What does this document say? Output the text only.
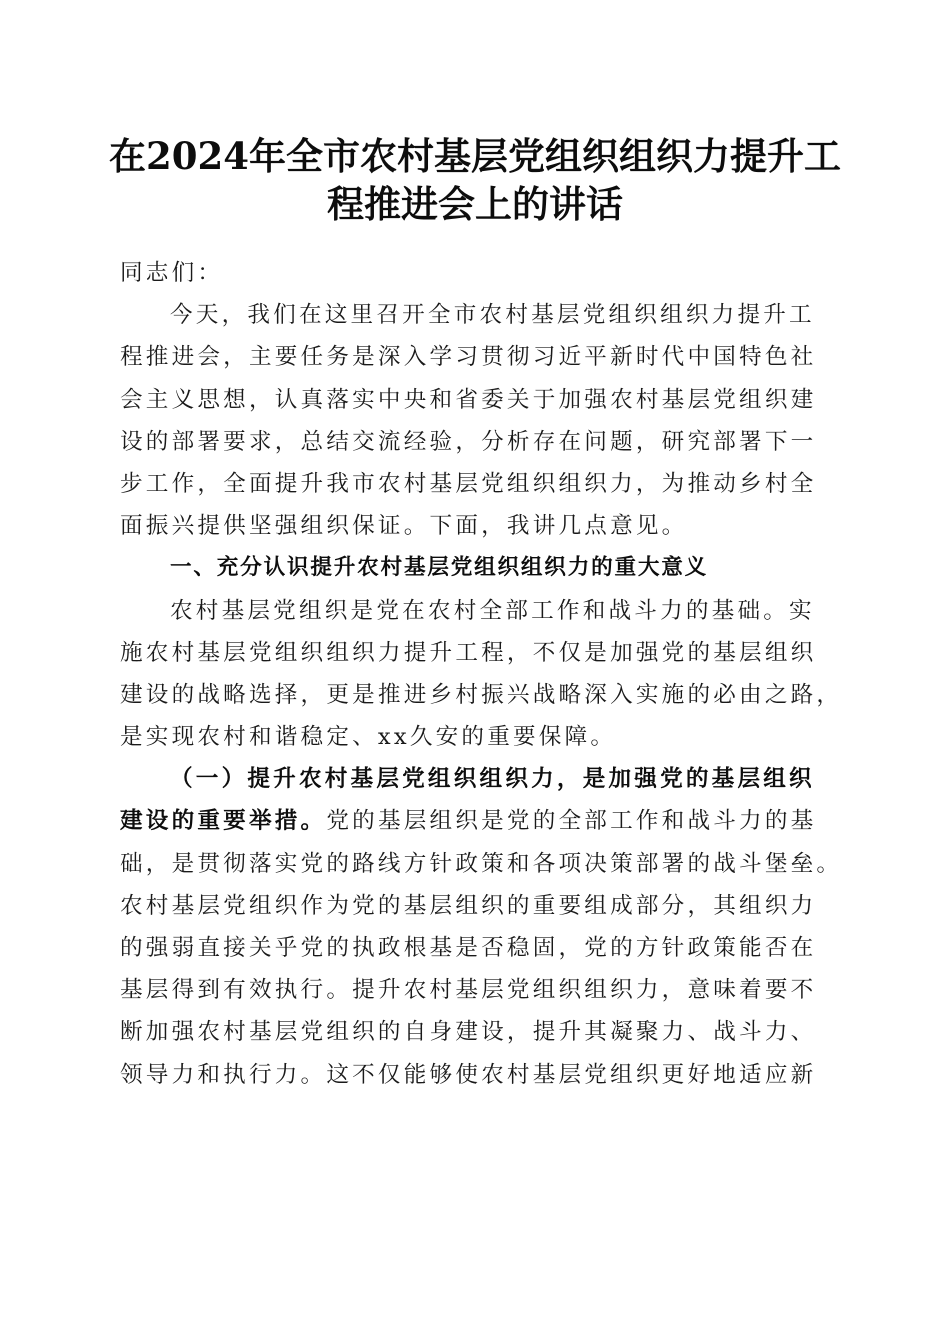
在2024年全市农村基层党组织组织力提升工
程推进会上的讲话
同志们：
今天，我们在这里召开全市农村基层党组织组织力提升工
程推进会，主要任务是深入学习贯彻习近平新时代中国特色社
会主义思想，认真落实中央和省委关于加强农村基层党组织建
设的部署要求，总结交流经验，分析存在问题，研究部署下一
步工作，全面提升我市农村基层党组织组织力，为推动乡村全
面振兴提供坚强组织保证。下面，我讲几点意见。
一、充分认识提升农村基层党组织组织力的重大意义
农村基层党组织是党在农村全部工作和战斗力的基础。实
施农村基层党组织组织力提升工程，不仅是加强党的基层组织
建设的战略选择，更是推进乡村振兴战略深入实施的必由之路，
是实现农村和谐稳定、xx久安的重要保障。
（一）提升农村基层党组织组织力，是加强党的基层组织
建设的重要举措。党的基层组织是党的全部工作和战斗力的基
础，是贯彻落实党的路线方针政策和各项决策部署的战斗堡垒。
农村基层党组织作为党的基层组织的重要组成部分，其组织力
的强弱直接关乎党的执政根基是否稳固，党的方针政策能否在
基层得到有效执行。提升农村基层党组织组织力，意味着要不
断加强农村基层党组织的自身建设，提升其凝聚力、战斗力、
领导力和执行力。这不仅能够使农村基层党组织更好地适应新
